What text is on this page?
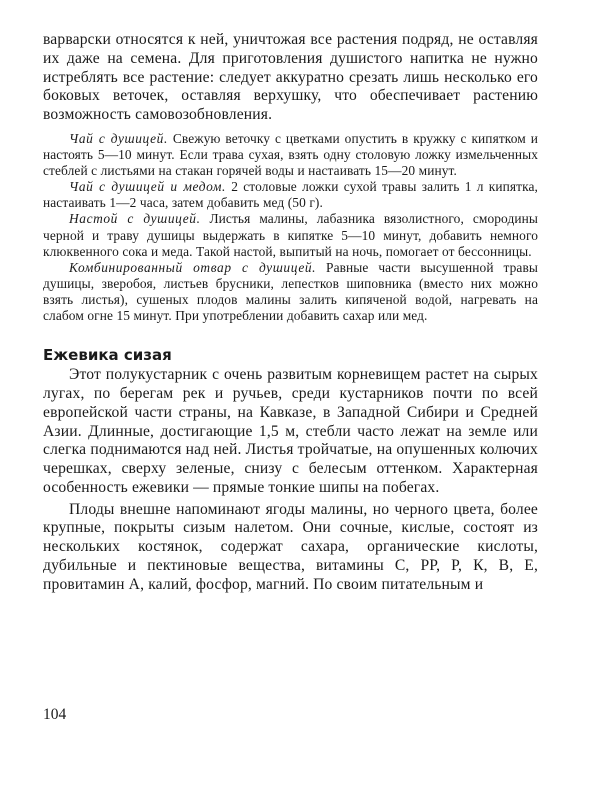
варварски относятся к ней, уничтожая все растения подряд, не оставляя их даже на семена. Для приготовления душистого напитка не нужно истреблять все растение: следует аккуратно срезать лишь несколько его боковых веточек, оставляя верхушку, что обеспечивает растению возможность самовозобновления.

Чай с душицей. Свежую веточку с цветками опустить в кружку с кипятком и настоять 5—10 минут. Если трава сухая, взять одну столовую ложку измельченных стеблей с листьями на стакан горячей воды и настаивать 15—20 минут.

Чай с душицей и медом. 2 столовые ложки сухой травы залить 1 л кипятка, настаивать 1—2 часа, затем добавить мед (50 г).

Настой с душицей. Листья малины, лабазника вязолистного, смородины черной и траву душицы выдержать в кипятке 5—10 минут, добавить немного клюквенного сока и меда. Такой настой, выпитый на ночь, помогает от бессонницы.

Комбинированный отвар с душицей. Равные части высушенной травы душицы, зверобоя, листьев брусники, лепестков шиповника (вместо них можно взять листья), сушеных плодов малины залить кипяченой водой, нагревать на слабом огне 15 минут. При употреблении добавить сахар или мед.

Ежевика сизая

Этот полукустарник с очень развитым корневищем растет на сырых лугах, по берегам рек и ручьев, среди кустарников почти по всей европейской части страны, на Кавказе, в Западной Сибири и Средней Азии. Длинные, достигающие 1,5 м, стебли часто лежат на земле или слегка поднимаются над ней. Листья тройчатые, на опушенных колючих черешках, сверху зеленые, снизу с белесым оттенком. Характерная особенность ежевики — прямые тонкие шипы на побегах.

Плоды внешне напоминают ягоды малины, но черного цвета, более крупные, покрыты сизым налетом. Они сочные, кислые, состоят из нескольких костянок, содержат сахара, органические кислоты, дубильные и пектиновые вещества, витамины С, РР, Р, К, В, Е, провитамин А, калий, фосфор, магний. По своим питательным и

104
